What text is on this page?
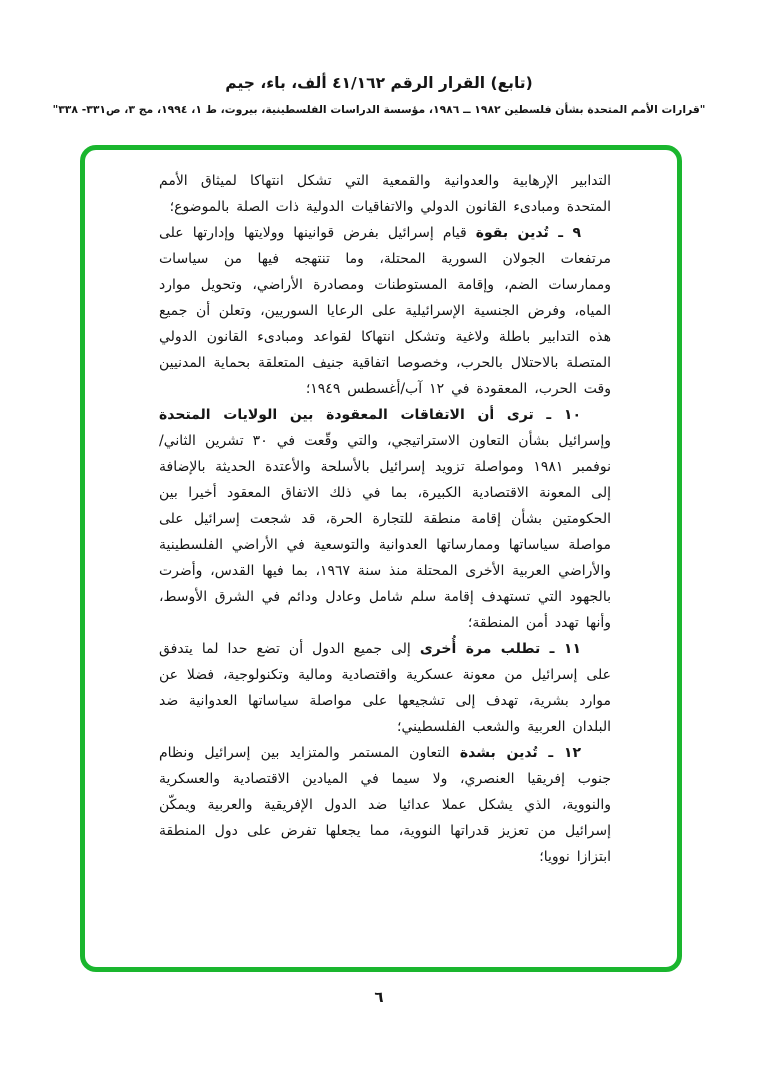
(تابع) القرار الرقم ٤١/١٦٢ ألف، باء، جيم
"قرارات الأمم المتحدة بشأن فلسطين ١٩٨٢ ــ ١٩٨٦، مؤسسة الدراسات الفلسطينية، بيروت، ط ١، ١٩٩٤، مج ٣، ص٣٣١- ٣٣٨"

التدابير الإرهابية والعدوانية والقمعية التي تشكل انتهاكا لميثاق الأمم المتحدة ومبادىء القانون الدولي والاتفاقيات الدولية ذات الصلة بالموضوع؛

٩ ـ تُدين بقوة قيام إسرائيل بفرض قوانينها وولايتها وإدارتها على مرتفعات الجولان السورية المحتلة، وما تنتهجه فيها من سياسات وممارسات الضم، وإقامة المستوطنات ومصادرة الأراضي، وتحويل موارد المياه، وفرض الجنسية الإسرائيلية على الرعايا السوريين، وتعلن أن جميع هذه التدابير باطلة ولاغية وتشكل انتهاكا لقواعد ومبادىء القانون الدولي المتصلة بالاحتلال بالحرب، وخصوصا اتفاقية جنيف المتعلقة بحماية المدنيين وقت الحرب، المعقودة في ١٢ آب/أغسطس ١٩٤٩؛

١٠ ـ ترى أن الاتفاقات المعقودة بين الولايات المتحدة وإسرائيل بشأن التعاون الاستراتيجي، والتي وقّعت في ٣٠ تشرين الثاني/نوفمبر ١٩٨١ ومواصلة تزويد إسرائيل بالأسلحة والأعتدة الحديثة بالإضافة إلى المعونة الاقتصادية الكبيرة، بما في ذلك الاتفاق المعقود أخيرا بين الحكومتين بشأن إقامة منطقة للتجارة الحرة، قد شجعت إسرائيل على مواصلة سياساتها وممارساتها العدوانية والتوسعية في الأراضي الفلسطينية والأراضي العربية الأخرى المحتلة منذ سنة ١٩٦٧، بما فيها القدس، وأضرت بالجهود التي تستهدف إقامة سلم شامل وعادل ودائم في الشرق الأوسط، وأنها تهدد أمن المنطقة؛

١١ ـ تطلب مرة أُخرى إلى جميع الدول أن تضع حدا لما يتدفق على إسرائيل من معونة عسكرية واقتصادية ومالية وتكنولوجية، فضلا عن موارد بشرية، تهدف إلى تشجيعها على مواصلة سياساتها العدوانية ضد البلدان العربية والشعب الفلسطيني؛

١٢ ـ تُدين بشدة التعاون المستمر والمتزايد بين إسرائيل ونظام جنوب إفريقيا العنصري، ولا سيما في الميادين الاقتصادية والعسكرية والنووية، الذي يشكل عملا عدائيا ضد الدول الإفريقية والعربية ويمكّن إسرائيل من تعزيز قدراتها النووية، مما يجعلها تفرض على دول المنطقة ابتزازا نوويا؛

٦
